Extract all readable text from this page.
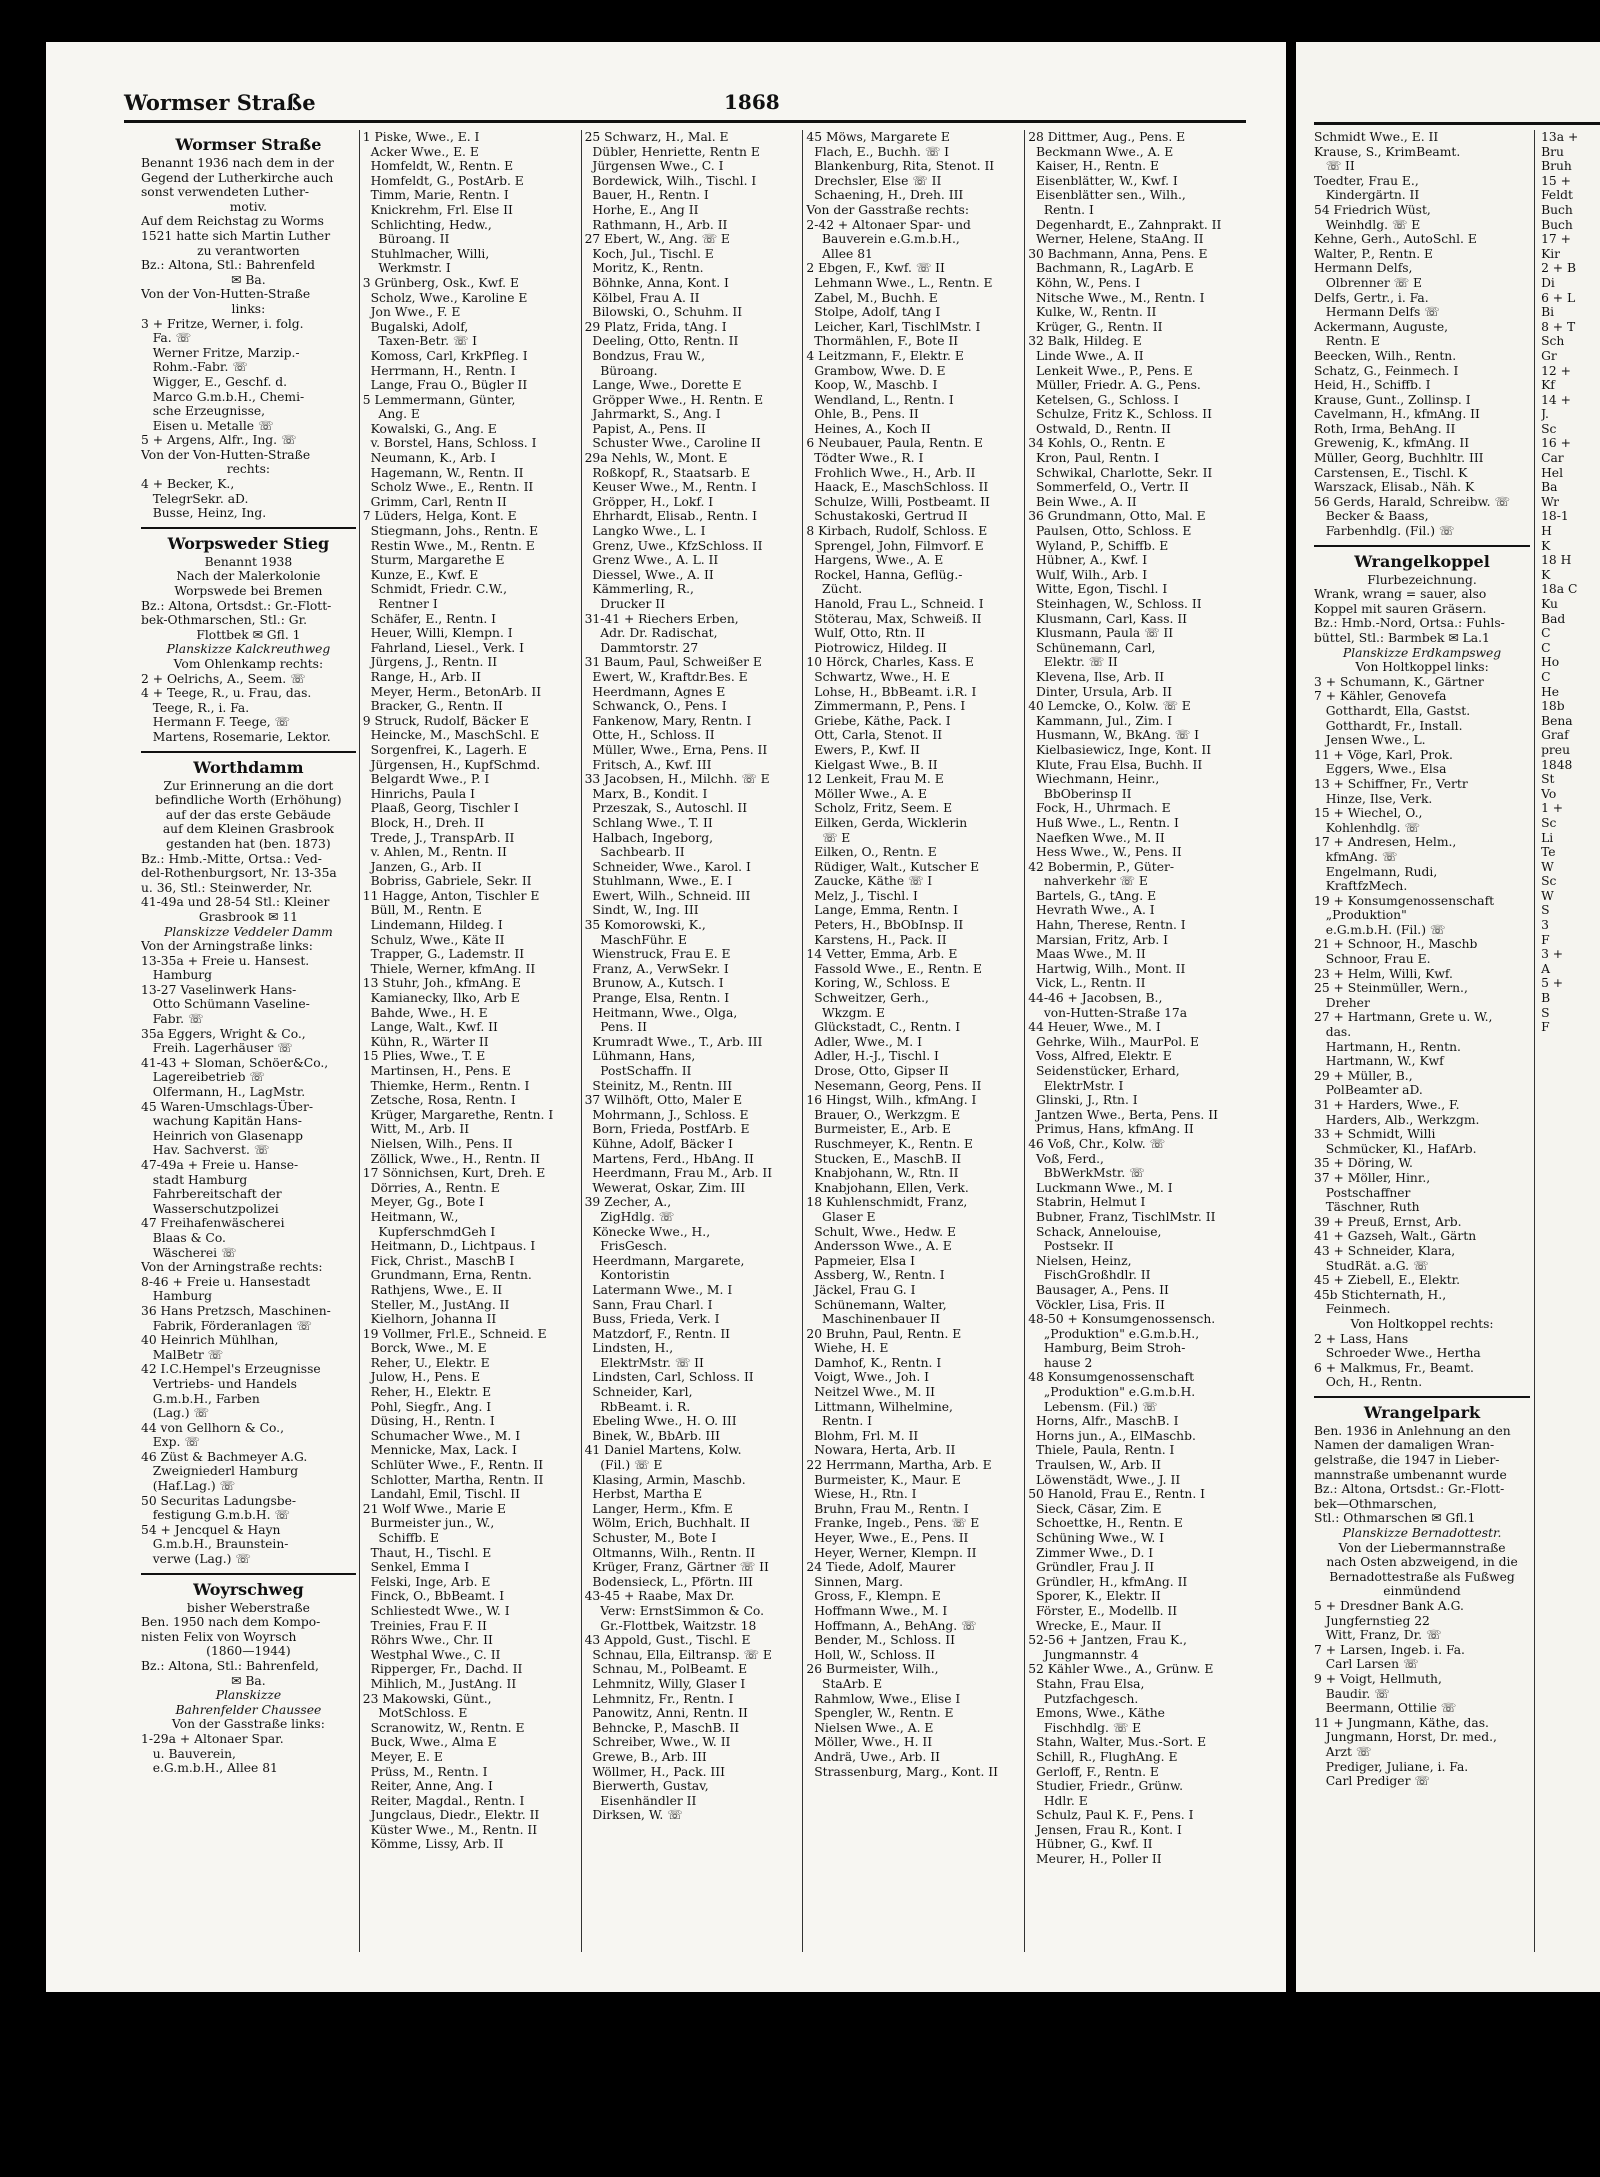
Wormser Straße	1868
Wormser Straße
Benannt 1936 nach dem in der
Gegend der Lutherkirche auch
sonst verwendeten Luther-
motiv.
Auf dem Reichstag zu Worms
1521 hatte sich Martin Luther
zu verantworten
Bz.: Altona, Stl.: Bahrenfeld
✉ Ba.
Von der Von-Hutten-Straße
links:
3 + Fritze, Werner, i. folg.
Fa. ☏
Werner Fritze, Marzip.-
Rohm.-Fabr. ☏
Wigger, E., Geschf. d.
Marco G.m.b.H., Chemi-
sche Erzeugnisse,
Eisen u. Metalle ☏
5 + Argens, Alfr., Ing. ☏
Von der Von-Hutten-Straße
rechts:
4 + Becker, K.,
TelegrSekr. aD.
Busse, Heinz, Ing.
Worpsweder Stieg
Benannt 1938
Nach der Malerkolonie
Worpswede bei Bremen
Bz.: Altona, Ortsdst.: Gr.-Flott-
bek-Othmarschen, Stl.: Gr.
Flottbek ✉ Gfl. 1
Planskizze Kalckreuthweg
Vom Ohlenkamp rechts:
2 + Oelrichs, A., Seem. ☏
4 + Teege, R., u. Frau, das.
Teege, R., i. Fa.
Hermann F. Teege, ☏
Martens, Rosemarie, Lektor.
Worthdamm
Zur Erinnerung an die dort
befindliche Worth (Erhöhung)
auf der das erste Gebäude
auf dem Kleinen Grasbrook
gestanden hat (ben. 1873)
Bz.: Hmb.-Mitte, Ortsa.: Ved-
del-Rothenburgsort, Nr. 13-35a
u. 36, Stl.: Steinwerder, Nr.
41-49a und 28-54 Stl.: Kleiner
Grasbrook ✉ 11
Planskizze Veddeler Damm
Von der Arningstraße links:
13-35a + Freie u. Hansest.
Hamburg
13-27 Vaselinwerk Hans-
Otto Schümann Vaseline-
Fabr. ☏
35a Eggers, Wright & Co.,
Freih. Lagerhäuser ☏
41-43 + Sloman, Schöer&Co.,
Lagereibetrieb ☏
Olfermann, H., LagMstr.
45 Waren-Umschlags-Über-
wachung Kapitän Hans-
Heinrich von Glasenapp
Hav. Sachverst. ☏
47-49a + Freie u. Hanse-
stadt Hamburg
Fahrbereitschaft der
Wasserschutzpolizei
47 Freihafenwäscherei
Blaas & Co.
Wäscherei ☏
Von der Arningstraße rechts:
8-46 + Freie u. Hansestadt
Hamburg
36 Hans Pretzsch, Maschinen-
Fabrik, Förderanlagen ☏
40 Heinrich Mühlhan,
MalBetr ☏
42 I.C.Hempel's Erzeugnisse
Vertriebs- und Handels
G.m.b.H., Farben
(Lag.) ☏
44 von Gellhorn & Co.,
Exp. ☏
46 Züst & Bachmeyer A.G.
Zweigniederl Hamburg
(Haf.Lag.) ☏
50 Securitas Ladungsbe-
festigung G.m.b.H. ☏
54 + Jencquel & Hayn
G.m.b.H., Braunstein-
verwe (Lag.) ☏
Woyrschweg
bisher Weberstraße
Ben. 1950 nach dem Kompo-
nisten Felix von Woyrsch
(1860—1944)
Bz.: Altona, Stl.: Bahrenfeld,
✉ Ba.
Planskizze
Bahrenfelder Chaussee
Von der Gasstraße links:
1-29a + Altonaer Spar.
u. Bauverein,
e.G.m.b.H., Allee 81
1 Piske, Wwe., E. I
Acker Wwe., E. E
Homfeldt, W., Rentn. E
Homfeldt, G., PostArb. E
Timm, Marie, Rentn. I
Knickrehm, Frl. Else II
Schlichting, Hedw.,
Büroang. II
Stuhlmacher, Willi,
Werkmstr. I
3 Grünberg, Osk., Kwf. E
Scholz, Wwe., Karoline E
Jon Wwe., F. E
Bugalski, Adolf,
Taxen-Betr. ☏ I
Komoss, Carl, KrkPfleg. I
Herrmann, H., Rentn. I
Lange, Frau O., Bügler II
5 Lemmermann, Günter,
Ang. E
Kowalski, G., Ang. E
v. Borstel, Hans, Schloss. I
Neumann, K., Arb. I
Hagemann, W., Rentn. II
Scholz Wwe., E., Rentn. II
Grimm, Carl, Rentn II
7 Lüders, Helga, Kont. E
Stiegmann, Johs., Rentn. E
Restin Wwe., M., Rentn. E
Sturm, Margarethe E
Kunze, E., Kwf. E
Schmidt, Friedr. C.W.,
Rentner I
Schäfer, E., Rentn. I
Heuer, Willi, Klempn. I
Fahrland, Liesel., Verk. I
Jürgens, J., Rentn. II
Range, H., Arb. II
Meyer, Herm., BetonArb. II
Bracker, G., Rentn. II
9 Struck, Rudolf, Bäcker E
Heincke, M., MaschSchl. E
Sorgenfrei, K., Lagerh. E
Jürgensen, H., KupfSchmd.
Belgardt Wwe., P. I
Hinrichs, Paula I
Plaaß, Georg, Tischler I
Block, H., Dreh. II
Trede, J., TranspArb. II
v. Ahlen, M., Rentn. II
Janzen, G., Arb. II
Bobriss, Gabriele, Sekr. II
11 Hagge, Anton, Tischler E
Büll, M., Rentn. E
Lindemann, Hildeg. I
Schulz, Wwe., Käte II
Trapper, G., Lademstr. II
Thiele, Werner, kfmAng. II
13 Stuhr, Joh., kfmAng. E
Kamianecky, Ilko, Arb E
Bahde, Wwe., H. E
Lange, Walt., Kwf. II
Kühn, R., Wärter II
15 Plies, Wwe., T. E
Martinsen, H., Pens. E
Thiemke, Herm., Rentn. I
Zetsche, Rosa, Rentn. I
Krüger, Margarethe, Rentn. I
Witt, M., Arb. II
Nielsen, Wilh., Pens. II
Zöllick, Wwe., H., Rentn. II
17 Sönnichsen, Kurt, Dreh. E
Dörries, A., Rentn. E
Meyer, Gg., Bote I
Heitmann, W.,
KupferschmdGeh I
Heitmann, D., Lichtpaus. I
Fick, Christ., MaschB I
Grundmann, Erna, Rentn.
Rathjens, Wwe., E. II
Steller, M., JustAng. II
Kielhorn, Johanna II
19 Vollmer, Frl.E., Schneid. E
Borck, Wwe., M. E
Reher, U., Elektr. E
Julow, H., Pens. E
Reher, H., Elektr. E
Pohl, Siegfr., Ang. I
Düsing, H., Rentn. I
Schumacher Wwe., M. I
Mennicke, Max, Lack. I
Schlüter Wwe., F., Rentn. II
Schlotter, Martha, Rentn. II
Landahl, Emil, Tischl. II
21 Wolf Wwe., Marie E
Burmeister jun., W.,
Schiffb. E
Thaut, H., Tischl. E
Senkel, Emma I
Felski, Inge, Arb. E
Finck, O., BbBeamt. I
Schliestedt Wwe., W. I
Treinies, Frau F. II
Röhrs Wwe., Chr. II
Westphal Wwe., C. II
Ripperger, Fr., Dachd. II
Mihlich, M., JustAng. II
23 Makowski, Günt.,
MotSchloss. E
Scranowitz, W., Rentn. E
Buck, Wwe., Alma E
Meyer, E. E
Prüss, M., Rentn. I
Reiter, Anne, Ang. I
Reiter, Magdal., Rentn. I
Jungclaus, Diedr., Elektr. II
Küster Wwe., M., Rentn. II
Kömme, Lissy, Arb. II
25 Schwarz, H., Mal. E
Dübler, Henriette, Rentn E
Jürgensen Wwe., C. I
Bordewick, Wilh., Tischl. I
Bauer, H., Rentn. I
Horhe, E., Ang II
Rathmann, H., Arb. II
27 Ebert, W., Ang. ☏ E
Koch, Jul., Tischl. E
Moritz, K., Rentn.
Böhnke, Anna, Kont. I
Kölbel, Frau A. II
Bilowski, O., Schuhm. II
29 Platz, Frida, tAng. I
Deeling, Otto, Rentn. II
Bondzus, Frau W.,
Büroang.
Lange, Wwe., Dorette E
Gröpper Wwe., H. Rentn. E
Jahrmarkt, S., Ang. I
Papist, A., Pens. II
Schuster Wwe., Caroline II
29a Nehls, W., Mont. E
Roßkopf, R., Staatsarb. E
Keuser Wwe., M., Rentn. I
Gröpper, H., Lokf. I
Ehrhardt, Elisab., Rentn. I
Langko Wwe., L. I
Grenz, Uwe., KfzSchloss. II
Grenz Wwe., A. L. II
Diessel, Wwe., A. II
Kämmerling, R.,
Drucker II
31-41 + Riechers Erben,
Adr. Dr. Radischat,
Dammtorstr. 27
31 Baum, Paul, Schweißer E
Ewert, W., Kraftdr.Bes. E
Heerdmann, Agnes E
Schwanck, O., Pens. I
Fankenow, Mary, Rentn. I
Otte, H., Schloss. II
Müller, Wwe., Erna, Pens. II
Fritsch, A., Kwf. III
33 Jacobsen, H., Milchh. ☏ E
Marx, B., Kondit. I
Przeszak, S., Autoschl. II
Schlang Wwe., T. II
Halbach, Ingeborg,
Sachbearb. II
Schneider, Wwe., Karol. I
Stuhlmann, Wwe., E. I
Ewert, Wilh., Schneid. III
Sindt, W., Ing. III
35 Komorowski, K.,
MaschFühr. E
Wienstruck, Frau E. E
Franz, A., VerwSekr. I
Brunow, A., Kutsch. I
Prange, Elsa, Rentn. I
Heitmann, Wwe., Olga,
Pens. II
Krumradt Wwe., T., Arb. III
Lühmann, Hans,
PostSchaffn. II
Steinitz, M., Rentn. III
37 Wilhöft, Otto, Maler E
Mohrmann, J., Schloss. E
Born, Frieda, PostfArb. E
Kühne, Adolf, Bäcker I
Martens, Ferd., HbAng. II
Heerdmann, Frau M., Arb. II
Wewerat, Oskar, Zim. III
39 Zecher, A.,
ZigHdlg. ☏
Könecke Wwe., H.,
FrisGesch.
Heerdmann, Margarete,
Kontoristin
Latermann Wwe., M. I
Sann, Frau Charl. I
Buss, Frieda, Verk. I
Matzdorf, F., Rentn. II
Lindsten, H.,
ElektrMstr. ☏ II
Lindsten, Carl, Schloss. II
Schneider, Karl,
RbBeamt. i. R.
Ebeling Wwe., H. O. III
Binek, W., BbArb. III
41 Daniel Martens, Kolw.
(Fil.) ☏ E
Klasing, Armin, Maschb.
Herbst, Martha E
Langer, Herm., Kfm. E
Wölm, Erich, Buchhalt. II
Schuster, M., Bote I
Oltmanns, Wilh., Rentn. II
Krüger, Franz, Gärtner ☏ II
Bodensieck, L., Pförtn. III
43-45 + Raabe, Max Dr.
Verw: ErnstSimmon & Co.
Gr.-Flottbek, Waitzstr. 18
43 Appold, Gust., Tischl. E
Schnau, Ella, Eiltransp. ☏ E
Schnau, M., PolBeamt. E
Lehmnitz, Willy, Glaser I
Lehmnitz, Fr., Rentn. I
Panowitz, Anni, Rentn. II
Behncke, P., MaschB. II
Schreiber, Wwe., W. II
Grewe, B., Arb. III
Wöllmer, H., Pack. III
Bierwerth, Gustav,
Eisenhändler II
Dirksen, W. ☏
45 Möws, Margarete E
Flach, E., Buchh. ☏ I
Blankenburg, Rita, Stenot. II
Drechsler, Else ☏ II
Schaening, H., Dreh. III
Von der Gasstraße rechts:
2-42 + Altonaer Spar- und
Bauverein e.G.m.b.H.,
Allee 81
2 Ebgen, F., Kwf. ☏ II
Lehmann Wwe., L., Rentn. E
Zabel, M., Buchh. E
Stolpe, Adolf, tAng I
Leicher, Karl, TischlMstr. I
Thormählen, F., Bote II
4 Leitzmann, F., Elektr. E
Grambow, Wwe. D. E
Koop, W., Maschb. I
Wendland, L., Rentn. I
Ohle, B., Pens. II
Heines, A., Koch II
6 Neubauer, Paula, Rentn. E
Tödter Wwe., R. I
Frohlich Wwe., H., Arb. II
Haack, E., MaschSchloss. II
Schulze, Willi, Postbeamt. II
Schustakoski, Gertrud II
8 Kirbach, Rudolf, Schloss. E
Sprengel, John, Filmvorf. E
Hargens, Wwe., A. E
Rockel, Hanna, Geflüg.-
Zücht.
Hanold, Frau L., Schneid. I
Stöterau, Max, Schweiß. II
Wulf, Otto, Rtn. II
Piotrowicz, Hildeg. II
10 Hörck, Charles, Kass. E
Schwartz, Wwe., H. E
Lohse, H., BbBeamt. i.R. I
Zimmermann, P., Pens. I
Griebe, Käthe, Pack. I
Ott, Carla, Stenot. II
Ewers, P., Kwf. II
Kielgast Wwe., B. II
12 Lenkeit, Frau M. E
Möller Wwe., A. E
Scholz, Fritz, Seem. E
Eilken, Gerda, Wicklerin
☏ E
Eilken, O., Rentn. E
Rüdiger, Walt., Kutscher E
Zaucke, Käthe ☏ I
Melz, J., Tischl. I
Lange, Emma, Rentn. I
Peters, H., BbObInsp. II
Karstens, H., Pack. II
14 Vetter, Emma, Arb. E
Fassold Wwe., E., Rentn. E
Koring, W., Schloss. E
Schweitzer, Gerh.,
Wkzgm. E
Glückstadt, C., Rentn. I
Adler, Wwe., M. I
Adler, H.-J., Tischl. I
Drose, Otto, Gipser II
Nesemann, Georg, Pens. II
16 Hingst, Wilh., kfmAng. I
Brauer, O., Werkzgm. E
Burmeister, E., Arb. E
Ruschmeyer, K., Rentn. E
Stucken, E., MaschB. II
Knabjohann, W., Rtn. II
Knabjohann, Ellen, Verk.
18 Kuhlenschmidt, Franz,
Glaser E
Schult, Wwe., Hedw. E
Andersson Wwe., A. E
Papmeier, Elsa I
Assberg, W., Rentn. I
Jäckel, Frau G. I
Schünemann, Walter,
Maschinenbauer II
20 Bruhn, Paul, Rentn. E
Wiehe, H. E
Damhof, K., Rentn. I
Voigt, Wwe., Joh. I
Neitzel Wwe., M. II
Littmann, Wilhelmine,
Rentn. I
Blohm, Frl. M. II
Nowara, Herta, Arb. II
22 Herrmann, Martha, Arb. E
Burmeister, K., Maur. E
Wiese, H., Rtn. I
Bruhn, Frau M., Rentn. I
Franke, Ingeb., Pens. ☏ E
Heyer, Wwe., E., Pens. II
Heyer, Werner, Klempn. II
24 Tiede, Adolf, Maurer
Sinnen, Marg.
Gross, F., Klempn. E
Hoffmann Wwe., M. I
Hoffmann, A., BehAng. ☏
Bender, M., Schloss. II
Holl, W., Schloss. II
26 Burmeister, Wilh.,
StaArb. E
Rahmlow, Wwe., Elise I
Spengler, W., Rentn. E
Nielsen Wwe., A. E
Möller, Wwe., H. II
Andrä, Uwe., Arb. II
Strassenburg, Marg., Kont. II
28 Dittmer, Aug., Pens. E
Beckmann Wwe., A. E
Kaiser, H., Rentn. E
Eisenblätter, W., Kwf. I
Eisenblätter sen., Wilh.,
Rentn. I
Degenhardt, E., Zahnprakt. II
Werner, Helene, StaAng. II
30 Bachmann, Anna, Pens. E
Bachmann, R., LagArb. E
Köhn, W., Pens. I
Nitsche Wwe., M., Rentn. I
Kulke, W., Rentn. II
Krüger, G., Rentn. II
32 Balk, Hildeg. E
Linde Wwe., A. II
Lenkeit Wwe., P., Pens. E
Müller, Friedr. A. G., Pens.
Ketelsen, G., Schloss. I
Schulze, Fritz K., Schloss. II
Ostwald, D., Rentn. II
34 Kohls, O., Rentn. E
Kron, Paul, Rentn. I
Schwikal, Charlotte, Sekr. II
Sommerfeld, O., Vertr. II
Bein Wwe., A. II
36 Grundmann, Otto, Mal. E
Paulsen, Otto, Schloss. E
Wyland, P., Schiffb. E
Hübner, A., Kwf. I
Wulf, Wilh., Arb. I
Witte, Egon, Tischl. I
Steinhagen, W., Schloss. II
Klusmann, Carl, Kass. II
Klusmann, Paula ☏ II
Schünemann, Carl,
Elektr. ☏ II
Klevena, Ilse, Arb. II
Dinter, Ursula, Arb. II
40 Lemcke, O., Kolw. ☏ E
Kammann, Jul., Zim. I
Husmann, W., BkAng. ☏ I
Kielbasiewicz, Inge, Kont. II
Klute, Frau Elsa, Buchh. II
Wiechmann, Heinr.,
BbOberinsp II
Fock, H., Uhrmach. E
Huß Wwe., L., Rentn. I
Naefken Wwe., M. II
Hess Wwe., W., Pens. II
42 Bobermin, P., Güter-
nahverkehr ☏ E
Bartels, G., tAng. E
Hevrath Wwe., A. I
Hahn, Therese, Rentn. I
Marsian, Fritz, Arb. I
Maas Wwe., M. II
Hartwig, Wilh., Mont. II
Vick, L., Rentn. II
44-46 + Jacobsen, B.,
von-Hutten-Straße 17a
44 Heuer, Wwe., M. I
Gehrke, Wilh., MaurPol. E
Voss, Alfred, Elektr. E
Seidenstücker, Erhard,
ElektrMstr. I
Glinski, J., Rtn. I
Jantzen Wwe., Berta, Pens. II
Primus, Hans, kfmAng. II
46 Voß, Chr., Kolw. ☏
Voß, Ferd.,
BbWerkMstr. ☏
Luckmann Wwe., M. I
Stabrin, Helmut I
Bubner, Franz, TischlMstr. II
Schack, Annelouise,
Postsekr. II
Nielsen, Heinz,
FischGroßhdlr. II
Bausager, A., Pens. II
Vöckler, Lisa, Fris. II
48-50 + Konsumgenossensch.
„Produktion" e.G.m.b.H.,
Hamburg, Beim Stroh-
hause 2
48 Konsumgenossenschaft
„Produktion" e.G.m.b.H.
Lebensm. (Fil.) ☏
Horns, Alfr., MaschB. I
Horns jun., A., ElMaschb.
Thiele, Paula, Rentn. I
Traulsen, W., Arb. II
Löwenstädt, Wwe., J. II
50 Hanold, Frau E., Rentn. I
Sieck, Cäsar, Zim. E
Schoettke, H., Rentn. E
Schüning Wwe., W. I
Zimmer Wwe., D. I
Gründler, Frau J. II
Gründler, H., kfmAng. II
Sporer, K., Elektr. II
Förster, E., Modellb. II
Wrecke, E., Maur. II
52-56 + Jantzen, Frau K.,
Jungmannstr. 4
52 Kähler Wwe., A., Grünw. E
Stahn, Frau Elsa,
Putzfachgesch.
Emons, Wwe., Käthe
Fischhdlg. ☏ E
Stahn, Walter, Mus.-Sort. E
Schill, R., FlughAng. E
Gerloff, F., Rentn. E
Studier, Friedr., Grünw.
Hdlr. E
Schulz, Paul K. F., Pens. I
Jensen, Frau R., Kont. I
Hübner, G., Kwf. II
Meurer, H., Poller II
Schmidt Wwe., E. II
Krause, S., KrimBeamt.
☏ II
Toedter, Frau E.,
Kindergärtn. II
54 Friedrich Wüst,
Weinhdlg. ☏ E
Kehne, Gerh., AutoSchl. E
Walter, P., Rentn. E
Hermann Delfs,
Olbrenner ☏ E
Delfs, Gertr., i. Fa.
Hermann Delfs ☏
Ackermann, Auguste,
Rentn. E
Beecken, Wilh., Rentn.
Schatz, G., Feinmech. I
Heid, H., Schiffb. I
Krause, Gunt., Zollinsp. I
Cavelmann, H., kfmAng. II
Roth, Irma, BehAng. II
Grewenig, K., kfmAng. II
Müller, Georg, Buchhltr. III
Carstensen, E., Tischl. K
Warszack, Elisab., Näh. K
56 Gerds, Harald, Schreibw. ☏
Becker & Baass,
Farbenhdlg. (Fil.) ☏
Wrangelkoppel
Flurbezeichnung.
Wrank, wrang = sauer, also
Koppel mit sauren Gräsern.
Bz.: Hmb.-Nord, Ortsa.: Fuhls-
büttel, Stl.: Barmbek ✉ La.1
Planskizze Erdkampsweg
Von Holtkoppel links:
3 + Schumann, K., Gärtner
7 + Kähler, Genovefa
Gotthardt, Ella, Gastst.
Gotthardt, Fr., Install.
Jensen Wwe., L.
11 + Vöge, Karl, Prok.
Eggers, Wwe., Elsa
13 + Schiffner, Fr., Vertr
Hinze, Ilse, Verk.
15 + Wiechel, O.,
Kohlenhdlg. ☏
17 + Andresen, Helm.,
kfmAng. ☏
Engelmann, Rudi,
KraftfzMech.
19 + Konsumgenossenschaft
„Produktion"
e.G.m.b.H. (Fil.) ☏
21 + Schnoor, H., Maschb
Schnoor, Frau E.
23 + Helm, Willi, Kwf.
25 + Steinmüller, Wern.,
Dreher
27 + Hartmann, Grete u. W.,
das.
Hartmann, H., Rentn.
Hartmann, W., Kwf
29 + Müller, B.,
PolBeamter aD.
31 + Harders, Wwe., F.
Harders, Alb., Werkzgm.
33 + Schmidt, Willi
Schmücker, Kl., HafArb.
35 + Döring, W.
37 + Möller, Hinr.,
Postschaffner
Täschner, Ruth
39 + Preuß, Ernst, Arb.
41 + Gazseh, Walt., Gärtn
43 + Schneider, Klara,
StudRät. a.G. ☏
45 + Ziebell, E., Elektr.
45b Stichternath, H.,
Feinmech.
Von Holtkoppel rechts:
2 + Lass, Hans
Schroeder Wwe., Hertha
6 + Malkmus, Fr., Beamt.
Och, H., Rentn.
Wrangelpark
Ben. 1936 in Anlehnung an den
Namen der damaligen Wran-
gelstraße, die 1947 in Lieber-
mannstraße umbenannt wurde
Bz.: Altona, Ortsdst.: Gr.-Flott-
bek—Othmarschen,
Stl.: Othmarschen ✉ Gfl.1
Planskizze Bernadottestr.
Von der Liebermannstraße
nach Osten abzweigend, in die
Bernadottestraße als Fußweg
einmündend
5 + Dresdner Bank A.G.
Jungfernstieg 22
Witt, Franz, Dr. ☏
7 + Larsen, Ingeb. i. Fa.
Carl Larsen ☏
9 + Voigt, Hellmuth,
Baudir. ☏
Beermann, Ottilie ☏
11 + Jungmann, Käthe, das.
Jungmann, Horst, Dr. med.,
Arzt ☏
Prediger, Juliane, i. Fa.
Carl Prediger ☏
13a +
Bru
Bruh
15 +
Feldt
Buch
Buch
17 +
Kir
2 + B
Di
6 + L
Bi
8 + T
Sch
Gr
12 +
Kf
14 +
J.
Sc
16 +
Car
Hel
Ba
Wr
18-1
H
K
18 H
K
18a C
Ku
Bad
C
C
Ho
C
He
18b
Bena
Graf
preu
1848
St
Vo
1 +
Sc
Li
Te
W
Sc
W
S
3
F
3 +
A
5 +
B
S
F
